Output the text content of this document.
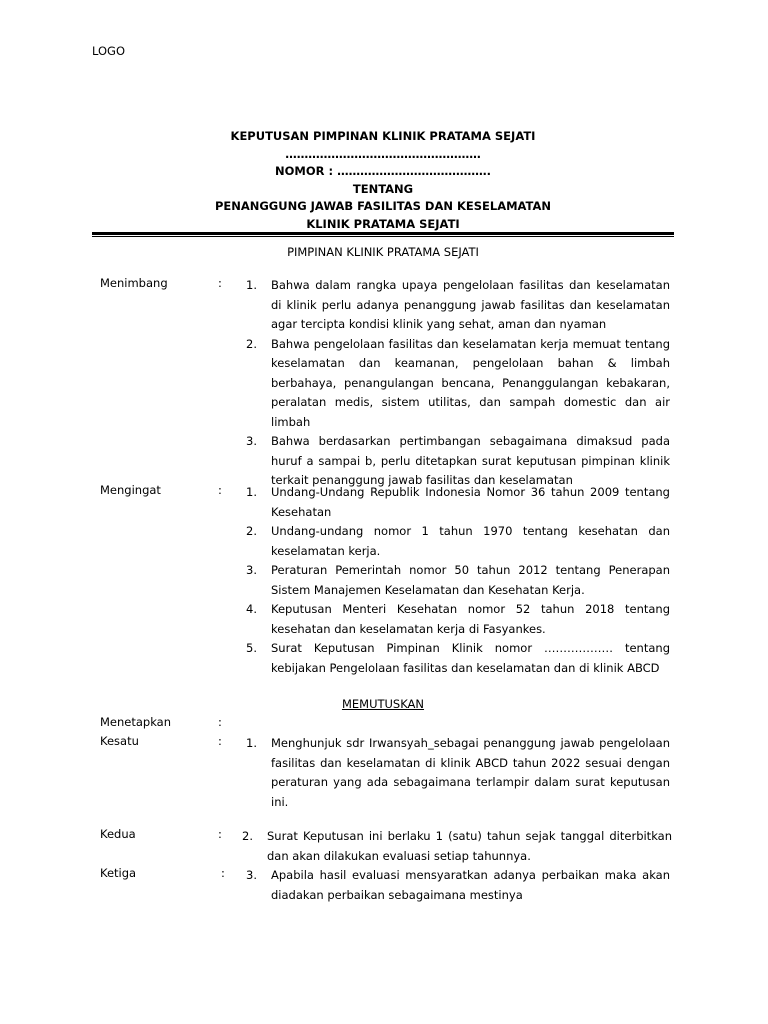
LOGO
KEPUTUSAN PIMPINAN KLINIK PRATAMA SEJATI
……………………………………………
NOMOR : ………………………………….
TENTANG
PENANGGUNG JAWAB FASILITAS DAN KESELAMATAN
KLINIK PRATAMA SEJATI
PIMPINAN KLINIK PRATAMA SEJATI
Menimbang	: 1. Bahwa dalam rangka upaya pengelolaan fasilitas dan keselamatan di klinik perlu adanya penanggung jawab fasilitas dan keselamatan agar tercipta kondisi klinik yang sehat, aman dan nyaman
2. Bahwa pengelolaan fasilitas dan keselamatan kerja memuat tentang keselamatan dan keamanan, pengelolaan bahan & limbah berbahaya, penangulangan bencana, Penanggulangan kebakaran, peralatan medis, sistem utilitas, dan sampah domestic dan air limbah
3. Bahwa berdasarkan pertimbangan sebagaimana dimaksud pada huruf a sampai b, perlu ditetapkan surat keputusan pimpinan klinik terkait penanggung jawab fasilitas dan keselamatan
Mengingat	: 1. Undang-Undang Republik Indonesia Nomor 36 tahun 2009 tentang Kesehatan
2. Undang-undang nomor 1 tahun 1970 tentang kesehatan dan keselamatan kerja.
3. Peraturan Pemerintah nomor 50 tahun 2012 tentang Penerapan Sistem Manajemen Keselamatan dan Kesehatan Kerja.
4. Keputusan Menteri Kesehatan nomor 52 tahun 2018 tentang kesehatan dan keselamatan kerja di Fasyankes.
5. Surat Keputusan Pimpinan Klinik nomor ……………… tentang kebijakan Pengelolaan fasilitas dan keselamatan dan di klinik ABCD
MEMUTUSKAN
Menetapkan	:
Kesatu	: 1. Menghunjuk sdr Irwansyah_sebagai penanggung jawab pengelolaan fasilitas dan keselamatan di klinik ABCD tahun 2022 sesuai dengan peraturan yang ada sebagaimana terlampir dalam surat keputusan ini.
Kedua	: 2. Surat Keputusan ini berlaku 1 (satu) tahun sejak tanggal diterbitkan dan akan dilakukan evaluasi setiap tahunnya.
Ketiga	: 3. Apabila hasil evaluasi mensyaratkan adanya perbaikan maka akan diadakan perbaikan sebagaimana mestinya
